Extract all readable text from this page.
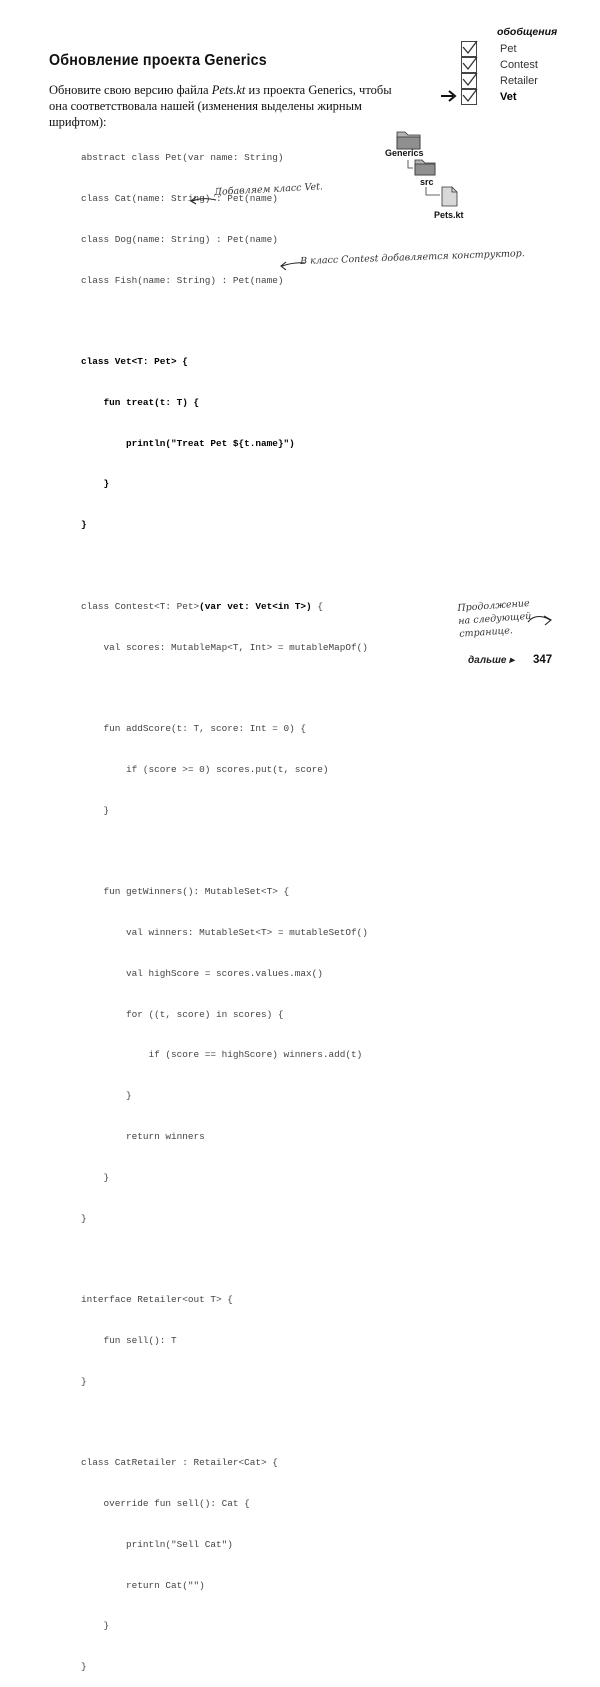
обобщения
Pet
Contest
Retailer
Vet
Обновление проекта Generics
Обновите свою версию файла Pets.kt из проекта Generics, чтобы она соответствовала нашей (изменения выделены жирным шрифтом):
Generics
src
Pets.kt

abstract class Pet(var name: String)

class Cat(name: String) : Pet(name)

class Dog(name: String) : Pet(name)

class Fish(name: String) : Pet(name)

class Vet<T: Pet> {

fun treat(t: T) {

println("Treat Pet ${t.name}")

}

}

class Contest<T: Pet>(var vet: Vet<in T>) {

val scores: MutableMap<T, Int> = mutableMapOf()

fun addScore(t: T, score: Int = 0) {

if (score >= 0) scores.put(t, score)

}

fun getWinners(): MutableSet<T> {

val winners: MutableSet<T> = mutableSetOf()

val highScore = scores.values.max()

for ((t, score) in scores) {

if (score == highScore) winners.add(t)

}

return winners

}

}

interface Retailer<out T> {

fun sell(): T

}

class CatRetailer : Retailer<Cat> {

override fun sell(): Cat {

println("Sell Cat")

return Cat("")

}

}

Добавляем класс Vet.
В класс Contest добавляется конструктор.
Продолжение
на следующей
странице.
дальше ▸ 347
